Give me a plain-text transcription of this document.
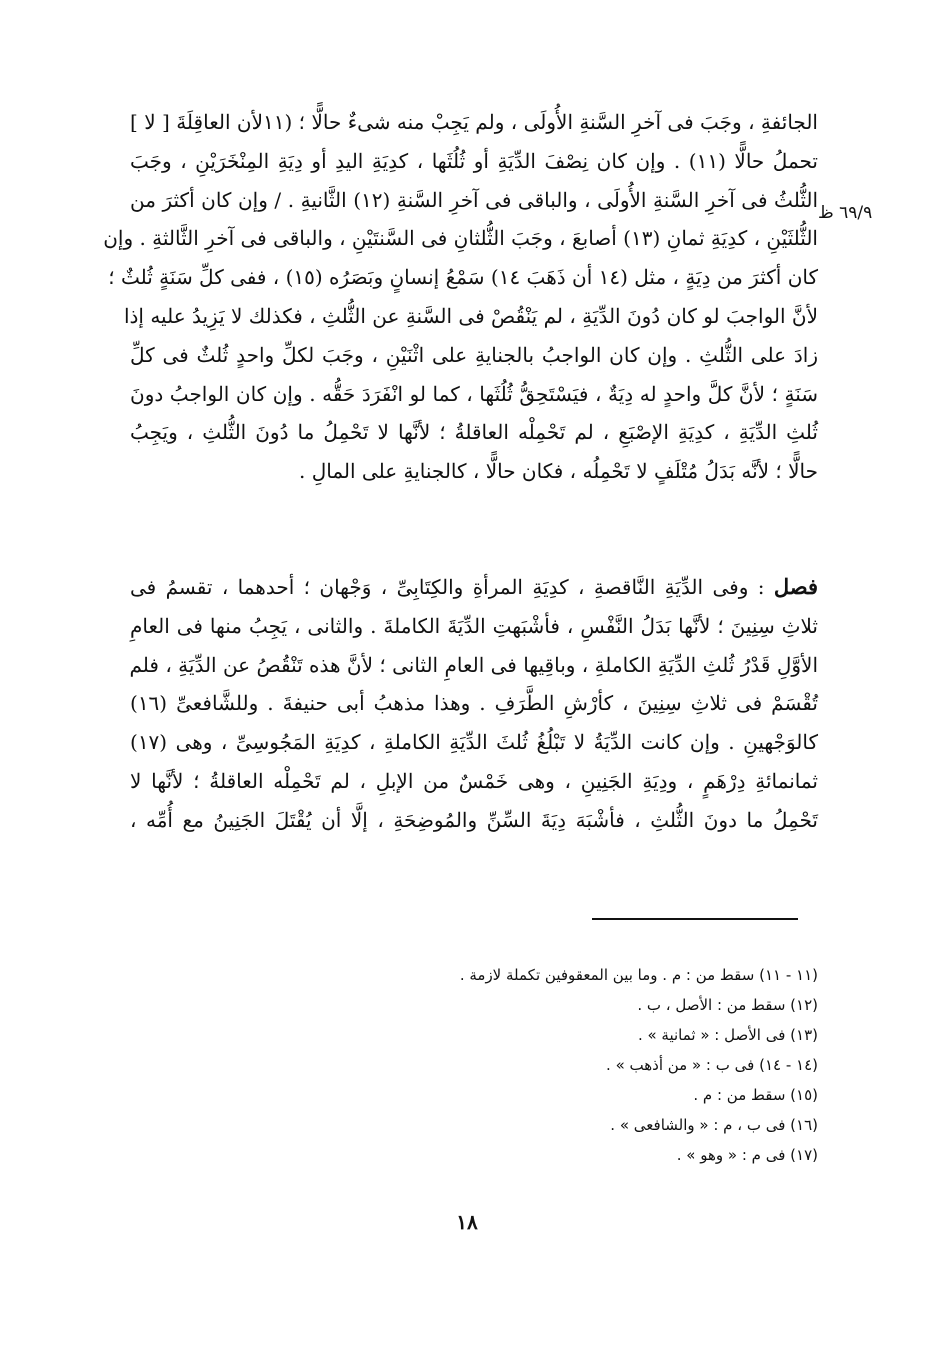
٦٩/٩ ظ
الجائفةِ ، وجَبَ فى آخرِ السَّنةِ الأُولَى ، ولم يَجِبْ منه شىءٌ حالًّا ؛ (١١لأن العاقِلَةَ [ لا ]
تحملُ حالًّا (١١) . وإن كان نِصْفَ الدِّيَةِ أو ثُلُثَها ، كدِيَةِ اليدِ أو دِيَةِ المِنْخَرَيْنِ ، وجَبَ
الثُّلثُ فى آخرِ السَّنةِ الأُولَى ، والباقى فى آخرِ السَّنةِ (١٢) الثَّانيةِ . / وإن كان أكثرَ من
الثُّلثَيْنِ ، كدِيَةِ ثمانِ (١٣) أصابعَ ، وجَبَ الثُّلثانِ فى السَّنتَيْنِ ، والباقى فى آخرِ الثَّالثةِ . وإن
كان أكثرَ من دِيَةٍ ، مثل (١٤ أن ذَهَبَ ١٤) سَمْعُ إنسانٍ وبَصَرُه (١٥) ، ففى كلِّ سَنَةٍ ثُلثٌ ؛
لأنَّ الواجبَ لو كان دُونَ الدِّيَةِ ، لم يَنْقُصْ فى السَّنةِ عن الثُّلثِ ، فكذلك لا يَزِيدُ عليه إذا
زادَ على الثُّلثِ . وإن كان الواجبُ بالجنايةِ على اثْنَيْنِ ، وجَبَ لكلِّ واحدٍ ثُلثٌ فى كلِّ
سَنَةٍ ؛ لأنَّ كلَّ واحدٍ له دِيَةٌ ، فيَسْتَحِقُّ ثُلُثَها ، كما لو انْفَرَدَ حَقُّه . وإن كان الواجبُ دونَ
ثُلثِ الدِّيَةِ ، كدِيَةِ الإصْبَعِ ، لم تَحْمِلْه العاقلةُ ؛ لأنَّها لا تَحْمِلُ ما دُونَ الثُّلثِ ، ويَجِبُ
حالًّا ؛ لأنَّه بَدَلُ مُتْلَفٍ لا تَحْمِلُه ، فكان حالًّا ، كالجنايةِ على المالِ .
فصل : وفى الدِّيَةِ النَّاقصةِ ، كدِيَةِ المرأةِ والكِتَابِىِّ ، وَجْهان ؛ أحدهما ، تقسمُ فى
ثلاثِ سِنِينَ ؛ لأنَّها بَدَلُ النَّفْسِ ، فأشْبَهتِ الدِّيَةَ الكاملةَ . والثانى ، يَجِبُ منها فى العامِ
الأوَّلِ قَدْرُ ثُلثِ الدِّيَةِ الكاملةِ ، وباقِيها فى العامِ الثانى ؛ لأنَّ هذه تَنْقُصُ عن الدِّيَةِ ، فلم
تُقْسَمْ فى ثلاثِ سِنِينَ ، كأرْشِ الطَّرَفِ . وهذا مذهبُ أبى حنيفةَ . وللشَّافعىِّ (١٦)
كالوَجْهينِ . وإن كانت الدِّيَةُ لا تَبْلُغُ ثُلثَ الدِّيَةِ الكاملةِ ، كدِيَةِ المَجُوسِىِّ ، وهى (١٧)
ثمانمائةِ دِرْهَمٍ ، ودِيَةِ الجَنِينِ ، وهى خَمْسٌ من الإبلِ ، لم تَحْمِلْه العاقلةُ ؛ لأنَّها لا
تَحْمِلُ ما دونَ الثُّلثِ ، فأشْبَهَ دِيَةَ السِّنِّ والمُوضِحَةِ ، إلَّا أن يُقْتَلَ الجَنِينُ مع أُمِّه ،
(١١ - ١١) سقط من : م . وما بين المعقوفين تكملة لازمة .
(١٢) سقط من : الأصل ، ب .
(١٣) فى الأصل : « ثمانية » .
(١٤ - ١٤) فى ب : « من أذهب » .
(١٥) سقط من : م .
(١٦) فى ب ، م : « والشافعى » .
(١٧) فى م : « وهو » .
١٨
